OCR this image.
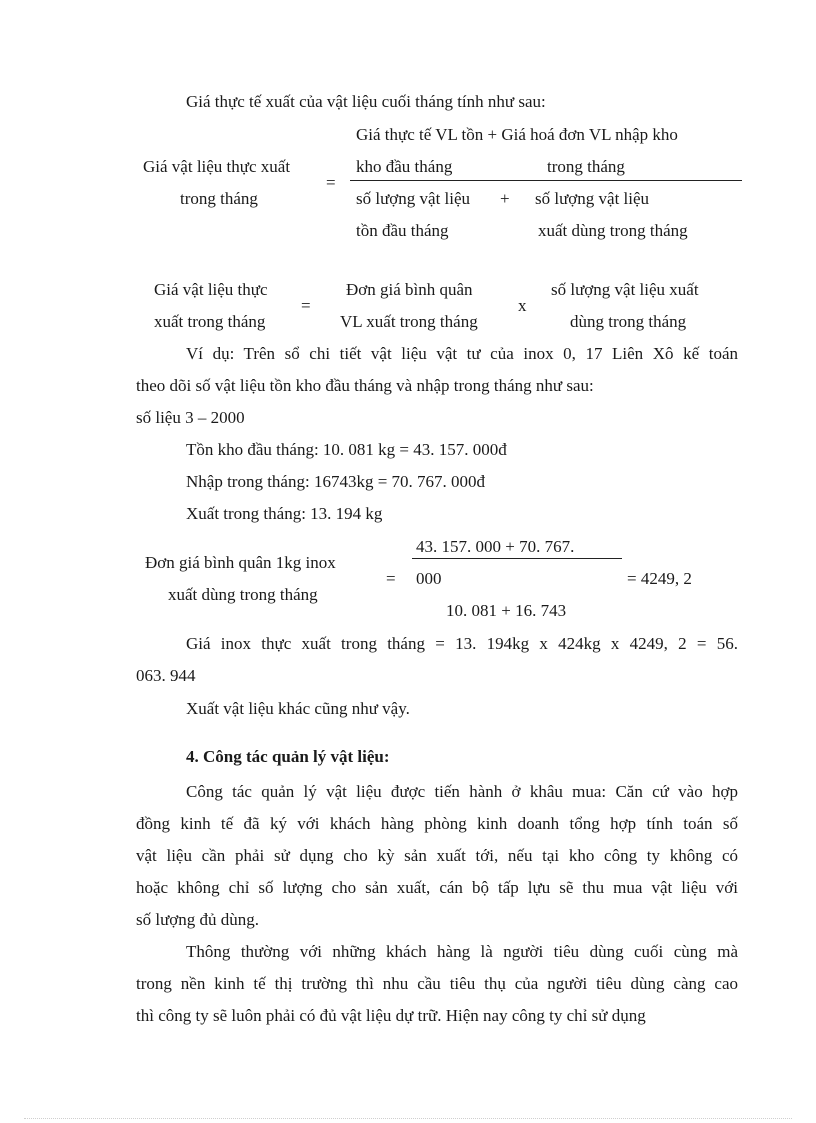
Giá thực tế xuất của vật liệu cuối tháng tính như sau:
Giá thực tế VL tồn + Giá hoá đơn VL nhập kho
Giá vật liệu thực xuất	kho đầu tháng	trong tháng
=
trong tháng	số lượng vật liệu + số lượng vật liệu
tồn đầu tháng	xuất dùng trong tháng
Giá vật liệu thực	Đơn giá bình quân	số lượng vật liệu xuất
=	x
xuất trong tháng	VL xuất trong tháng	dùng trong tháng
Ví dụ: Trên sổ chi tiết vật liệu vật tư của inox 0, 17 Liên Xô kế toán
theo dõi số vật liệu tồn kho đầu tháng và nhập trong tháng như sau:
số liệu 3 – 2000
Tồn kho đầu tháng: 10. 081 kg = 43. 157. 000đ
Nhập trong tháng: 16743kg = 70. 767. 000đ
Xuất trong tháng: 13. 194 kg
43. 157. 000 + 70. 767.
Đơn giá bình quân 1kg inox
= 000	= 4249, 2
xuất dùng trong tháng
10. 081 + 16. 743
Giá inox thực xuất trong tháng = 13. 194kg x 424kg x 4249, 2 = 56.
063. 944
Xuất vật liệu khác cũng như vậy.
4. Công tác quản lý vật liệu:
Công tác quản lý vật liệu được tiến hành ở khâu mua: Căn cứ vào hợp
đồng kinh tế đã ký với khách hàng phòng kinh doanh tổng hợp tính toán số
vật liệu cần phải sử dụng cho kỳ sản xuất tới, nếu tại kho công ty không có
hoặc không chỉ số lượng cho sản xuất, cán bộ tấp lựu sẽ thu mua vật liệu với
số lượng đủ dùng.
Thông thường với những khách hàng là người tiêu dùng cuối cùng mà
trong nền kinh tế thị trường thì nhu cầu tiêu thụ của người tiêu dùng càng cao
thì công ty sẽ luôn phải có đủ vật liệu dự trữ. Hiện nay công ty chỉ sử dụng
